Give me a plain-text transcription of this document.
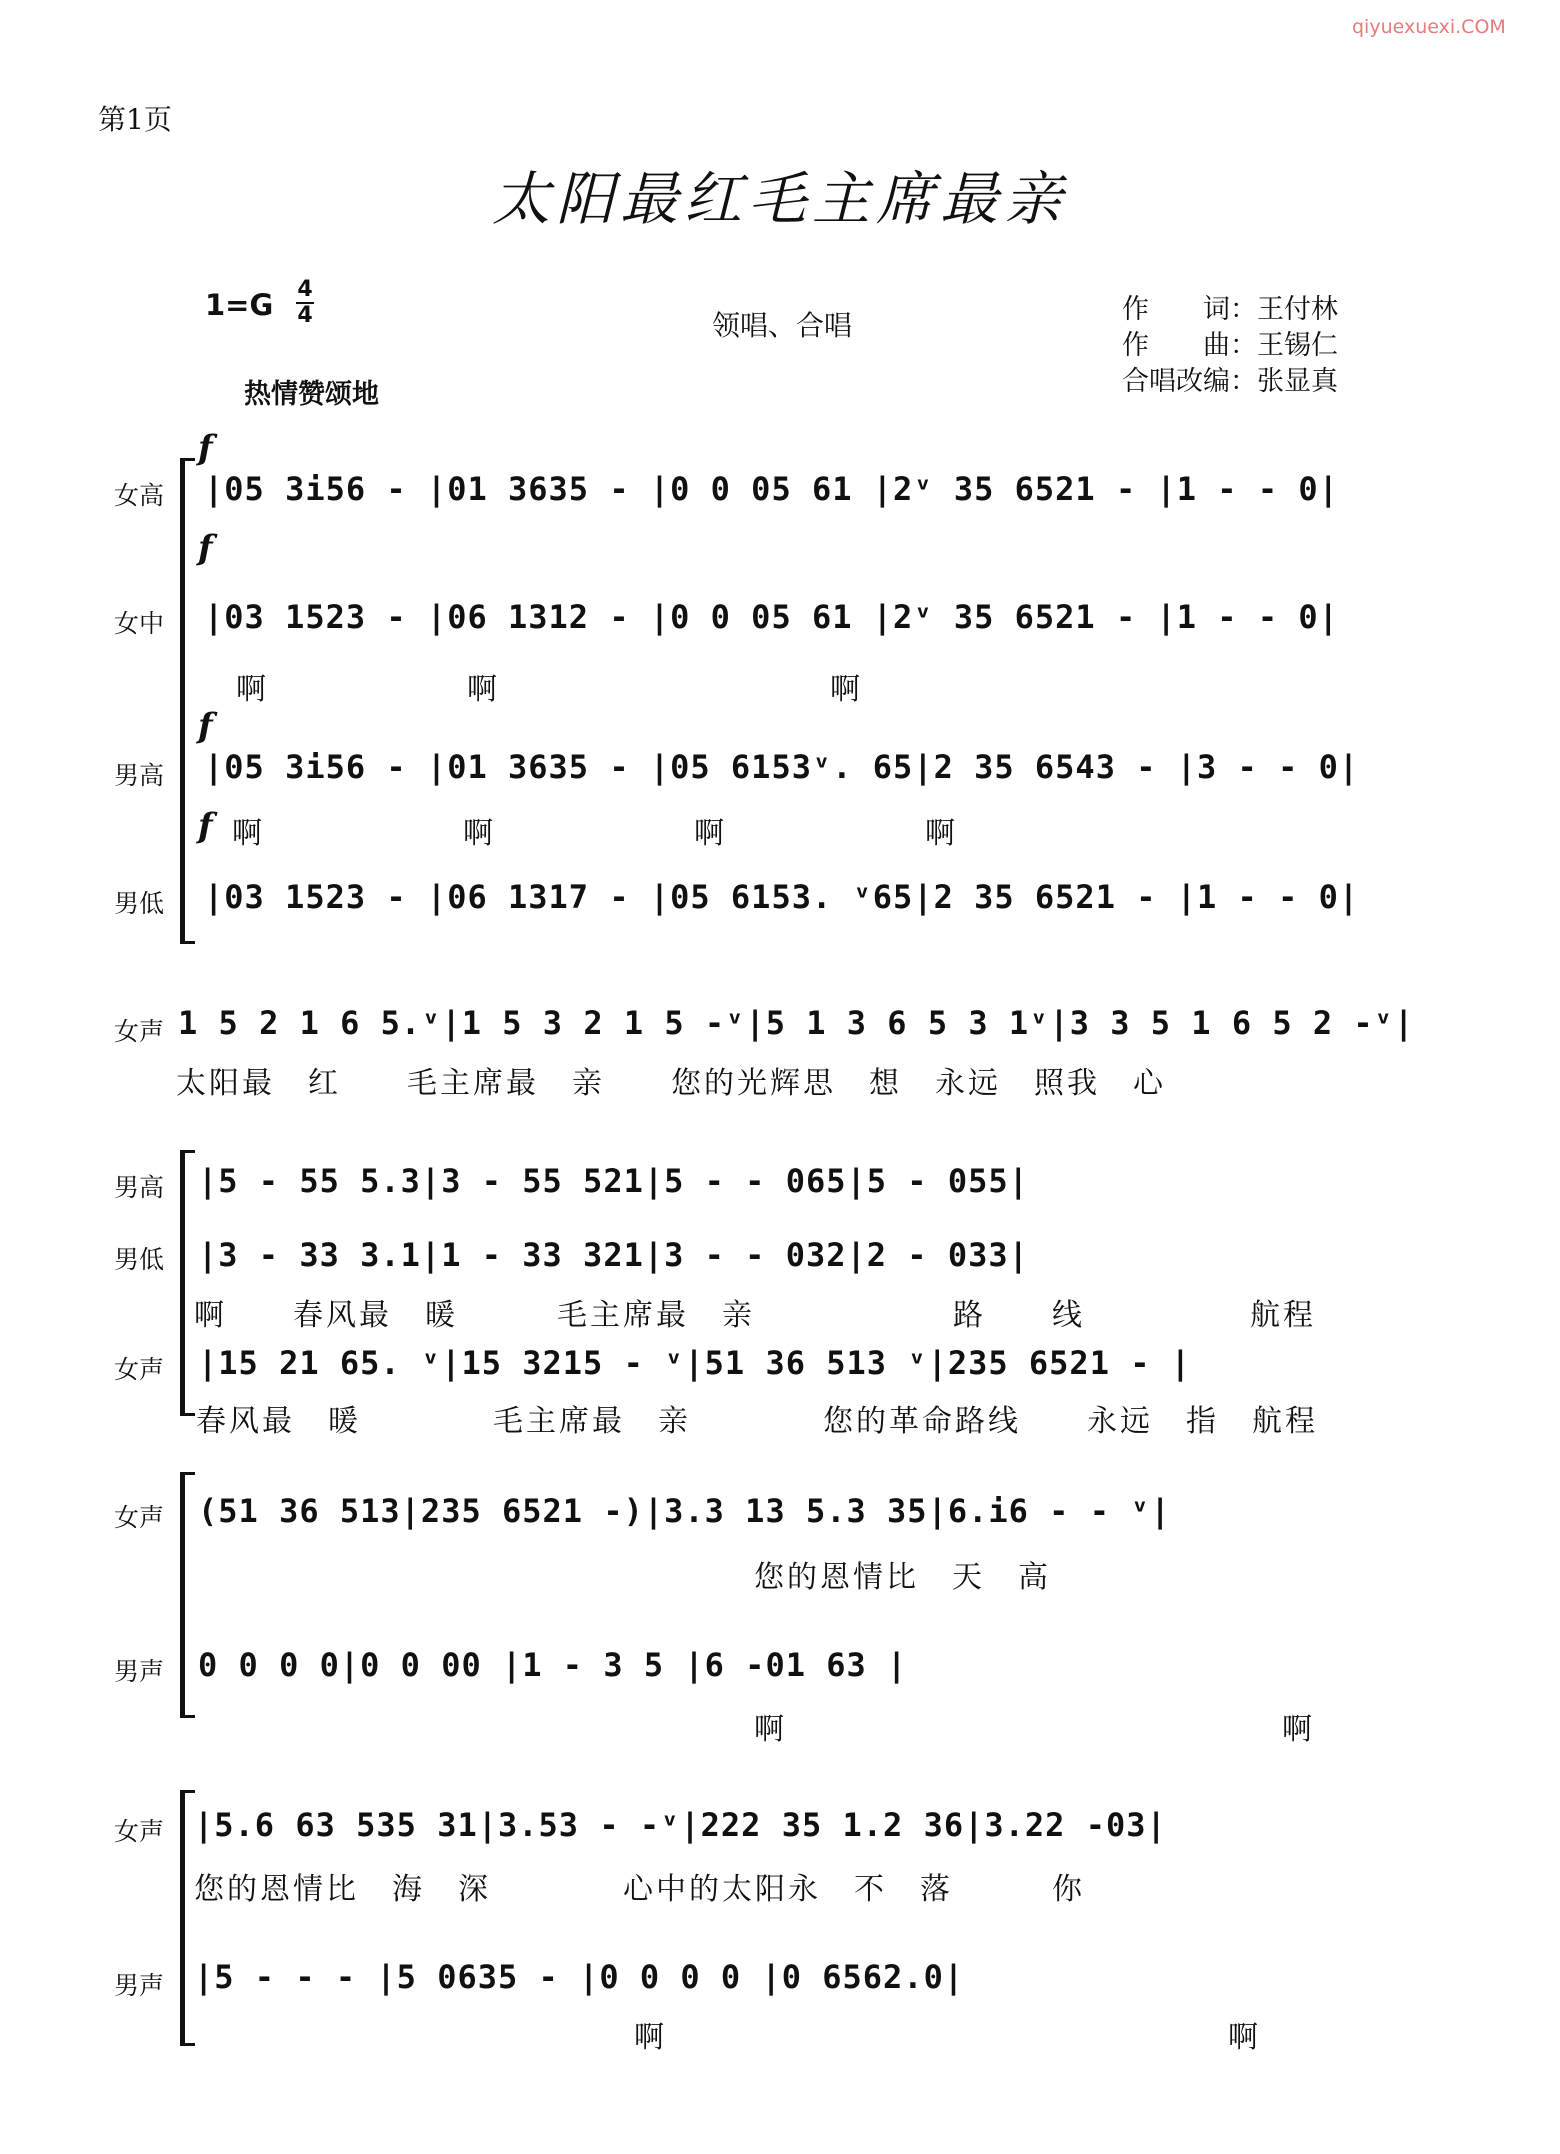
qiyuexuexi.COM
第1页
太阳最红毛主席最亲
1=G 4
4	领唱、合唱	作　　词：王付林
作　　曲：王锡仁
合唱改编：张显真
热情赞颂地
f
f
f
f
女高 |05 3i56 - |01 3635 - |0 0 05 61 |2ᵛ 35 6521 - |1 - - 0|
女中 |03 1523 - |06 1312 - |0 0 05 61 |2ᵛ 35 6521 - |1 - - 0|
啊　　　　　　啊　　　　　　　　　　啊
男高 |05 3i56 - |01 3635 - |05 6153ᵛ. 65|2 35 6543 - |3 - - 0|
啊　　　　　　啊　　　　　　啊　　　　　　啊
男低 |03 1523 - |06 1317 - |05 6153. ᵛ65|2 35 6521 - |1 - - 0|
女声 1 5 2 1 6 5.ᵛ|1 5 3 2 1 5 -ᵛ|5 1 3 6 5 3 1ᵛ|3 3 5 1 6 5 2 -ᵛ|
太阳最　红　　毛主席最　亲　　您的光辉思　想　永远　照我　心
男高 |5 - 55 5.3|3 - 55 521|5 - - 065|5 - 055|
男低 |3 - 33 3.1|1 - 33 321|3 - - 032|2 - 033|
啊　　春风最　暖　　　毛主席最　亲　　　　　　路　　线　　　　　航程
女声 |15 21 65. ᵛ|15 3215 - ᵛ|51 36 513 ᵛ|235 6521 - |
春风最　暖　　　　毛主席最　亲　　　　您的革命路线　　永远　指　航程
女声 (51 36 513|235 6521 -)|3.3 13 5.3 35|6.i6 - - ᵛ|
您的恩情比　天　高
男声 0 0 0 0|0 0 00 |1 - 3 5 |6 -01 63 |
啊　　　　　　　　　　　　　　　啊
女声 |5.6 63 535 31|3.53 - -ᵛ|222 35 1.2 36|3.22 -03|
您的恩情比　海　深　　　　心中的太阳永　不　落　　　你
男声 |5 - - - |5 0635 - |0 0 0 0 |0 6562.0|
啊　　　　　　　　　　　　　　　　　啊
